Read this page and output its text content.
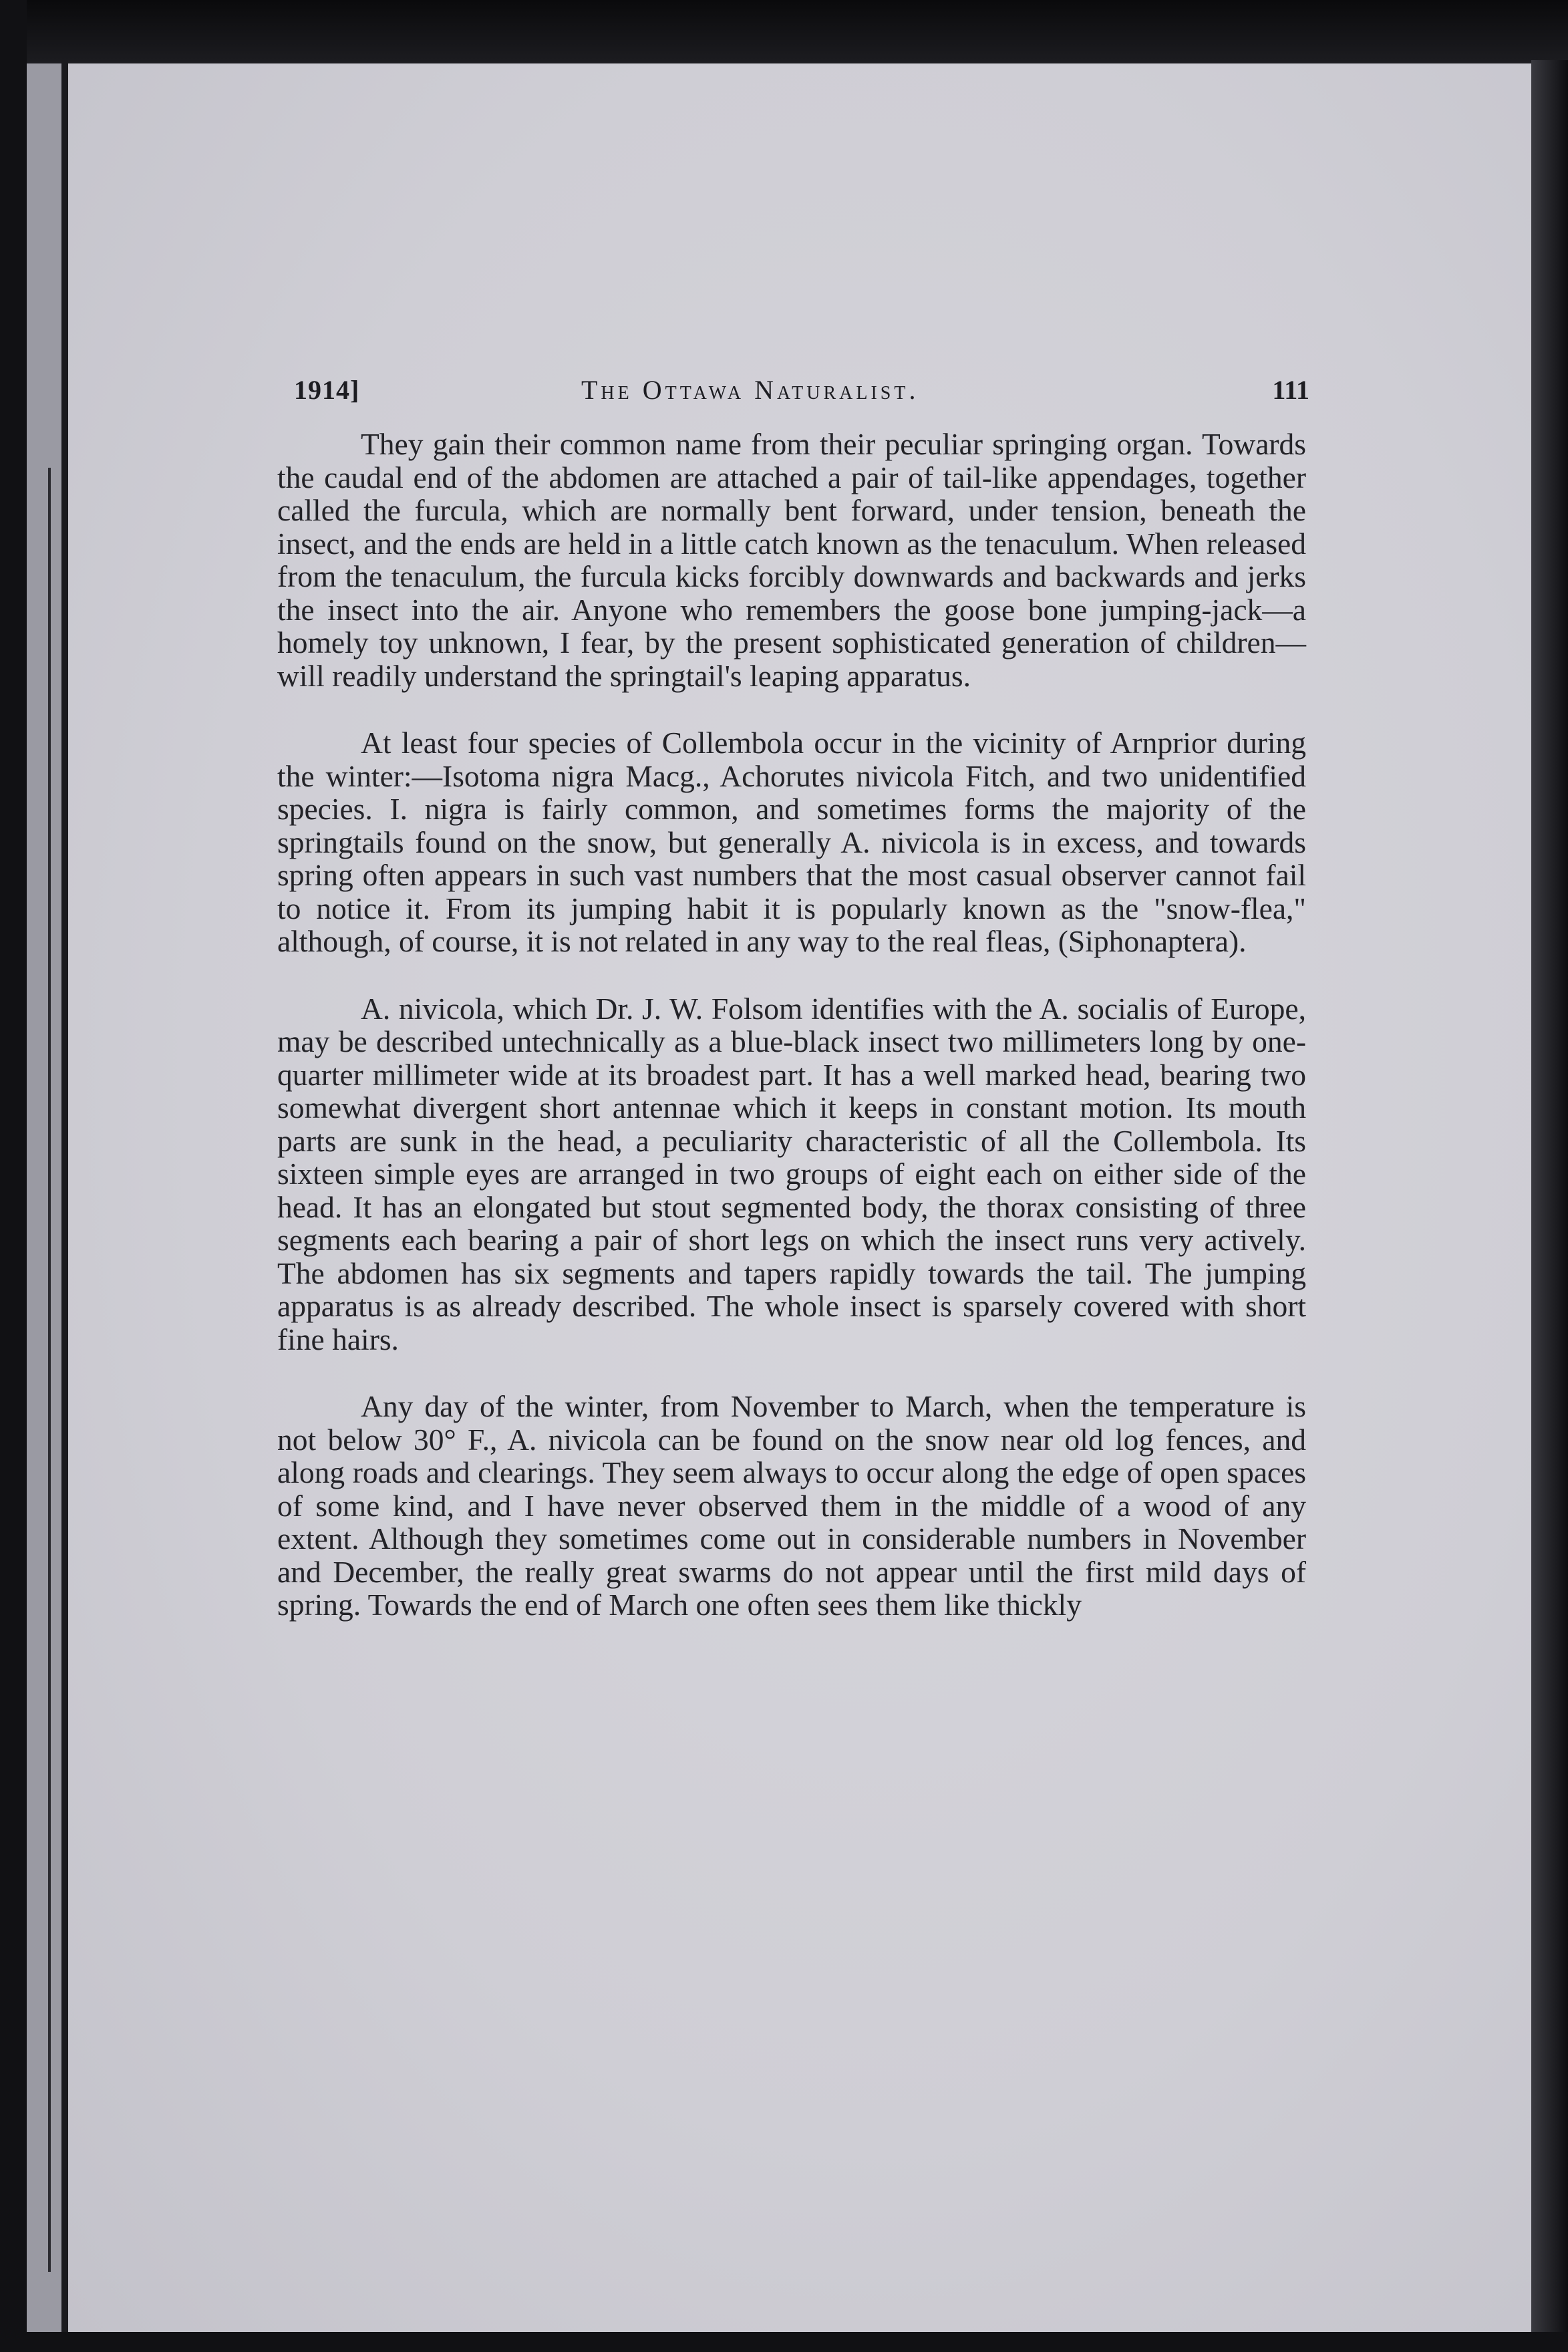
1914]	The Ottawa Naturalist.	111

They gain their common name from their peculiar springing organ. Towards the caudal end of the abdomen are attached a pair of tail-like appendages, together called the furcula, which are normally bent forward, under tension, beneath the insect, and the ends are held in a little catch known as the tenaculum. When released from the tenaculum, the furcula kicks forcibly downwards and backwards and jerks the insect into the air. Anyone who remembers the goose bone jumping-jack—a homely toy unknown, I fear, by the present sophisticated generation of children—will readily understand the springtail's leaping apparatus.

At least four species of Collembola occur in the vicinity of Arnprior during the winter:—Isotoma nigra Macg., Achorutes nivicola Fitch, and two unidentified species. I. nigra is fairly common, and sometimes forms the majority of the springtails found on the snow, but generally A. nivicola is in excess, and towards spring often appears in such vast numbers that the most casual observer cannot fail to notice it. From its jumping habit it is popularly known as the "snow-flea," although, of course, it is not related in any way to the real fleas, (Siphonaptera).

A. nivicola, which Dr. J. W. Folsom identifies with the A. socialis of Europe, may be described untechnically as a blue-black insect two millimeters long by one-quarter millimeter wide at its broadest part. It has a well marked head, bearing two somewhat divergent short antennae which it keeps in constant motion. Its mouth parts are sunk in the head, a peculiarity characteristic of all the Collembola. Its sixteen simple eyes are arranged in two groups of eight each on either side of the head. It has an elongated but stout segmented body, the thorax consisting of three segments each bearing a pair of short legs on which the insect runs very actively. The abdomen has six segments and tapers rapidly towards the tail. The jumping apparatus is as already described. The whole insect is sparsely covered with short fine hairs.

Any day of the winter, from November to March, when the temperature is not below 30° F., A. nivicola can be found on the snow near old log fences, and along roads and clearings. They seem always to occur along the edge of open spaces of some kind, and I have never observed them in the middle of a wood of any extent. Although they sometimes come out in considerable numbers in November and December, the really great swarms do not appear until the first mild days of spring. Towards the end of March one often sees them like thickly
